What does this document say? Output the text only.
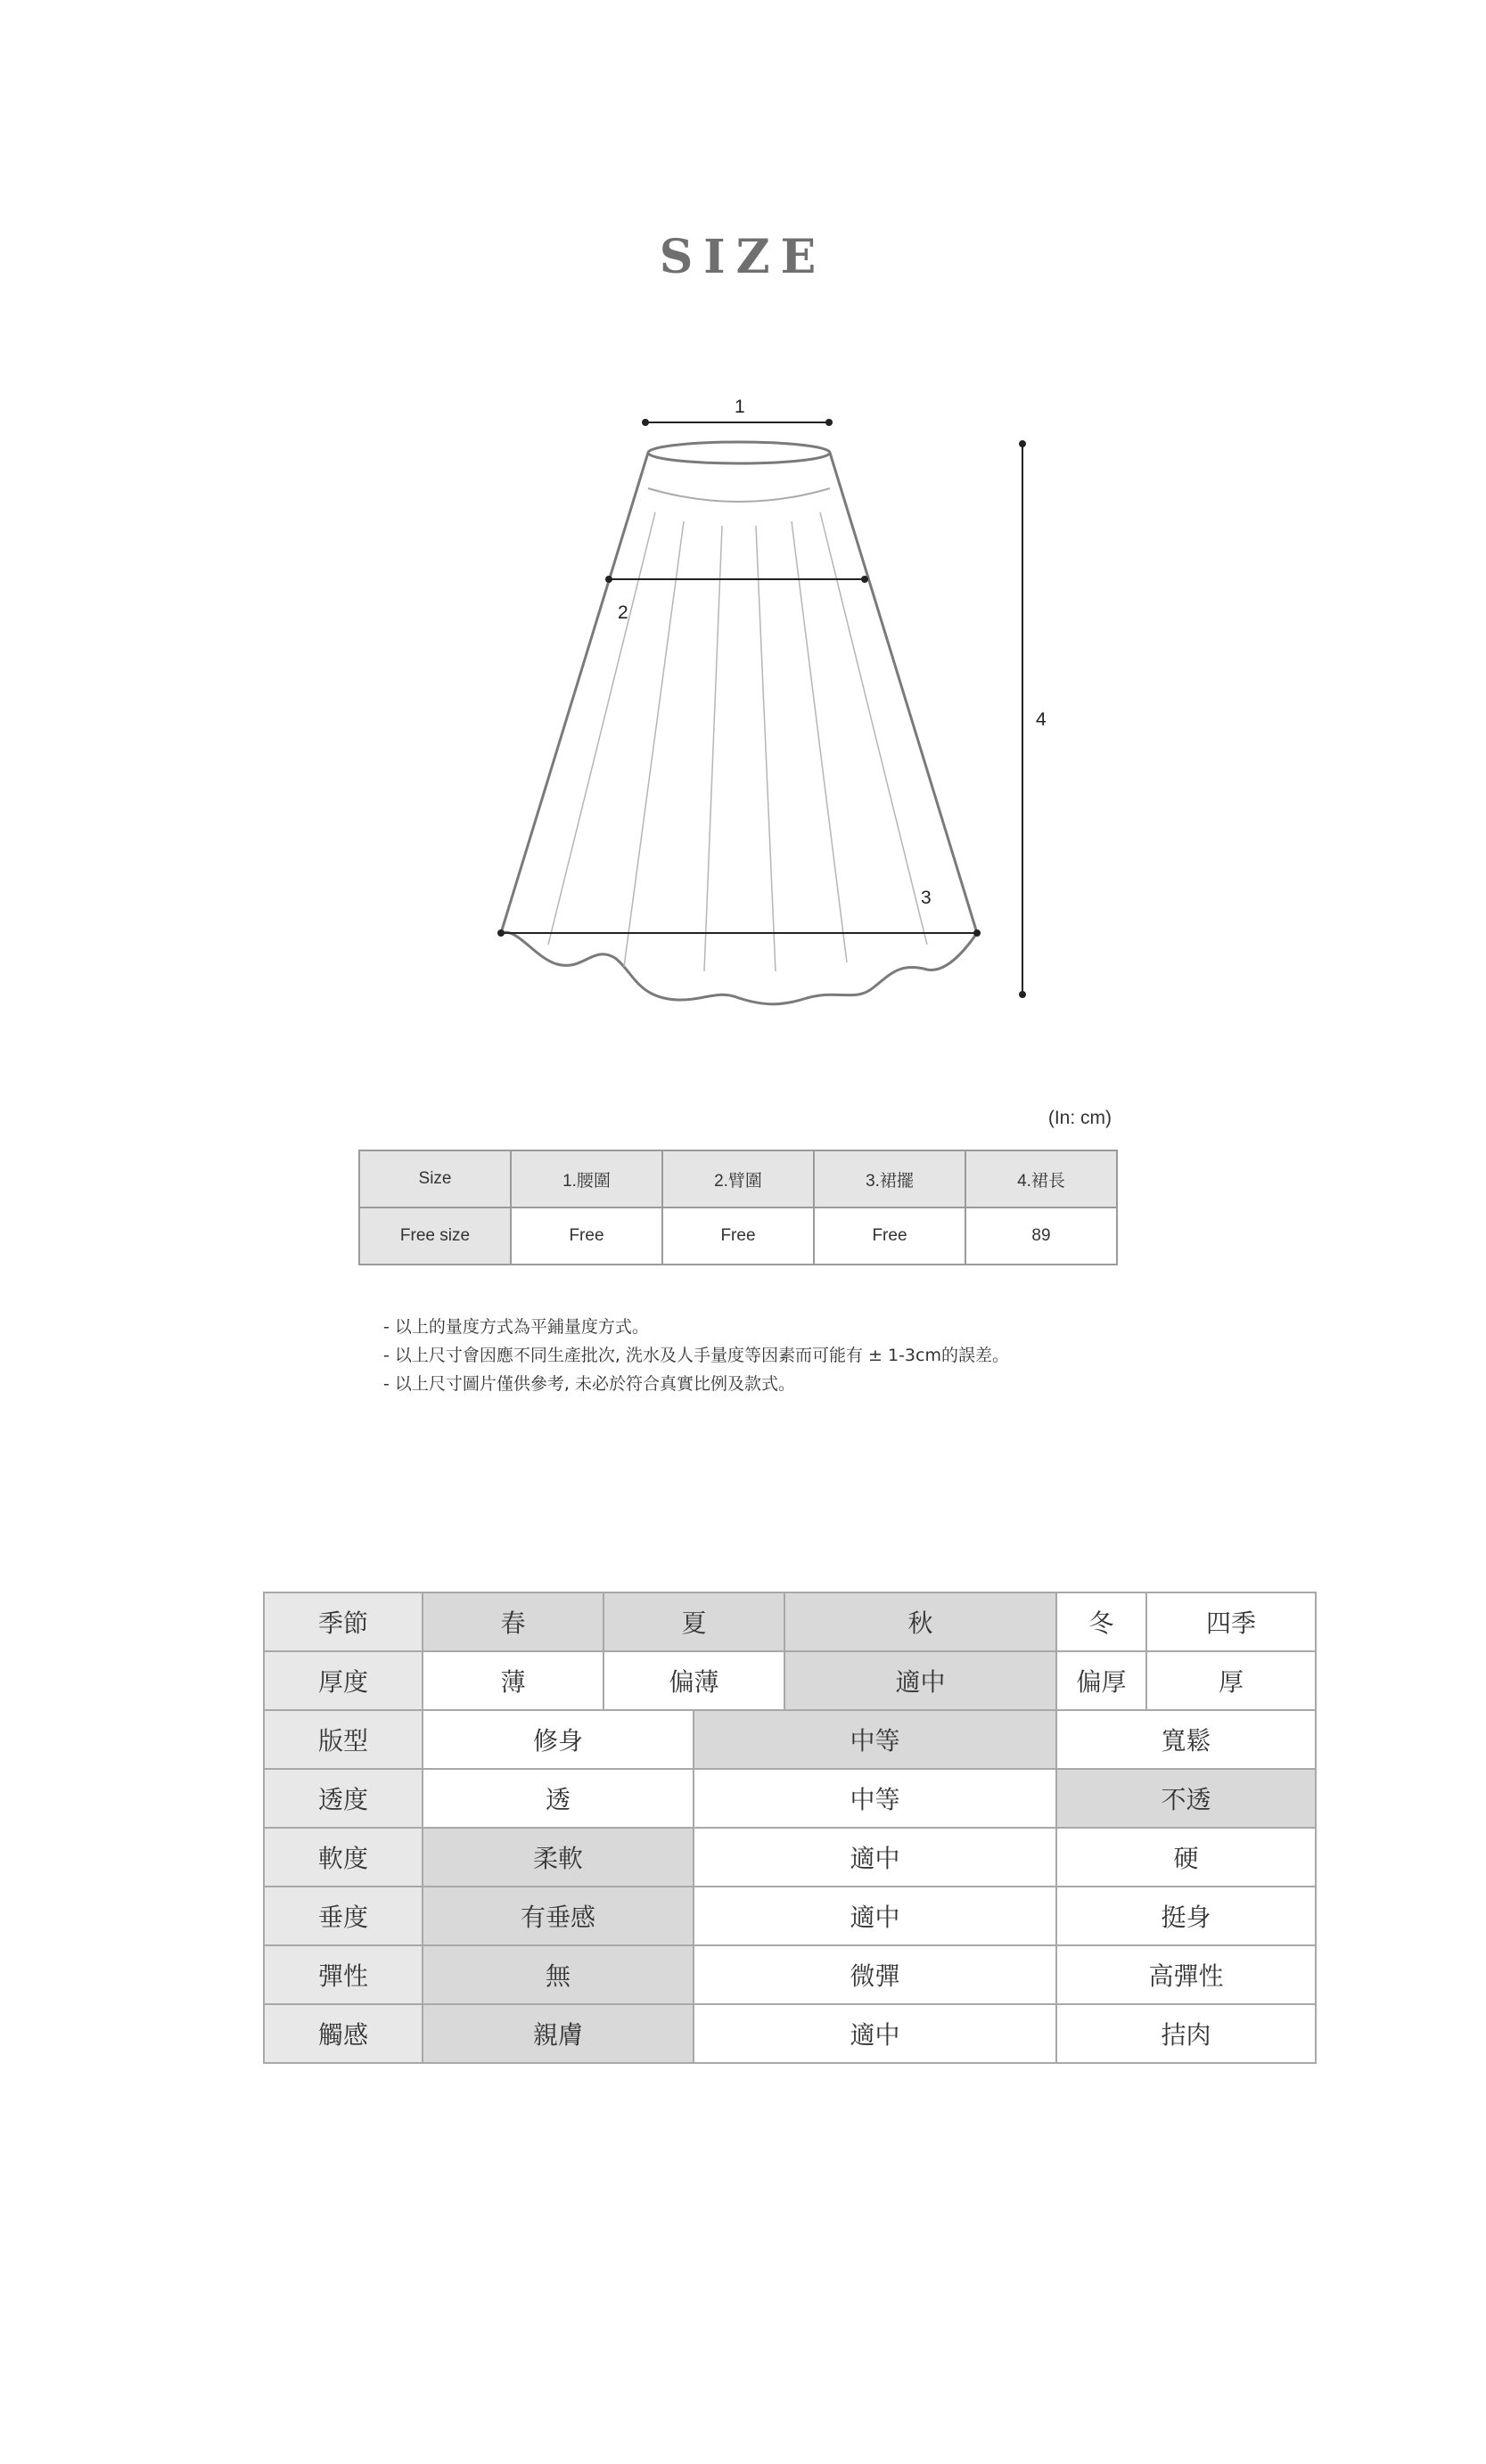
SIZE
1
2
3
4
(In: cm)
Size	1.腰圍	2.臂圍	3.裙擺	4.裙長
Free size	Free	Free	Free	89
- 以上的量度方式為平鋪量度方式。
- 以上尺寸會因應不同生產批次, 洗水及人手量度等因素而可能有 ± 1-3cm的誤差。
- 以上尺寸圖片僅供參考, 未必於符合真實比例及款式。
季節	春	夏		秋	冬	四季
厚度	薄	偏薄		適中	偏厚	厚
版型	修身		中等		寬鬆	
透度	透		中等		不透	
軟度	柔軟		適中		硬	
垂度	有垂感		適中		挺身	
彈性	無		微彈		高彈性	
觸感	親膚		適中		拮肉	
